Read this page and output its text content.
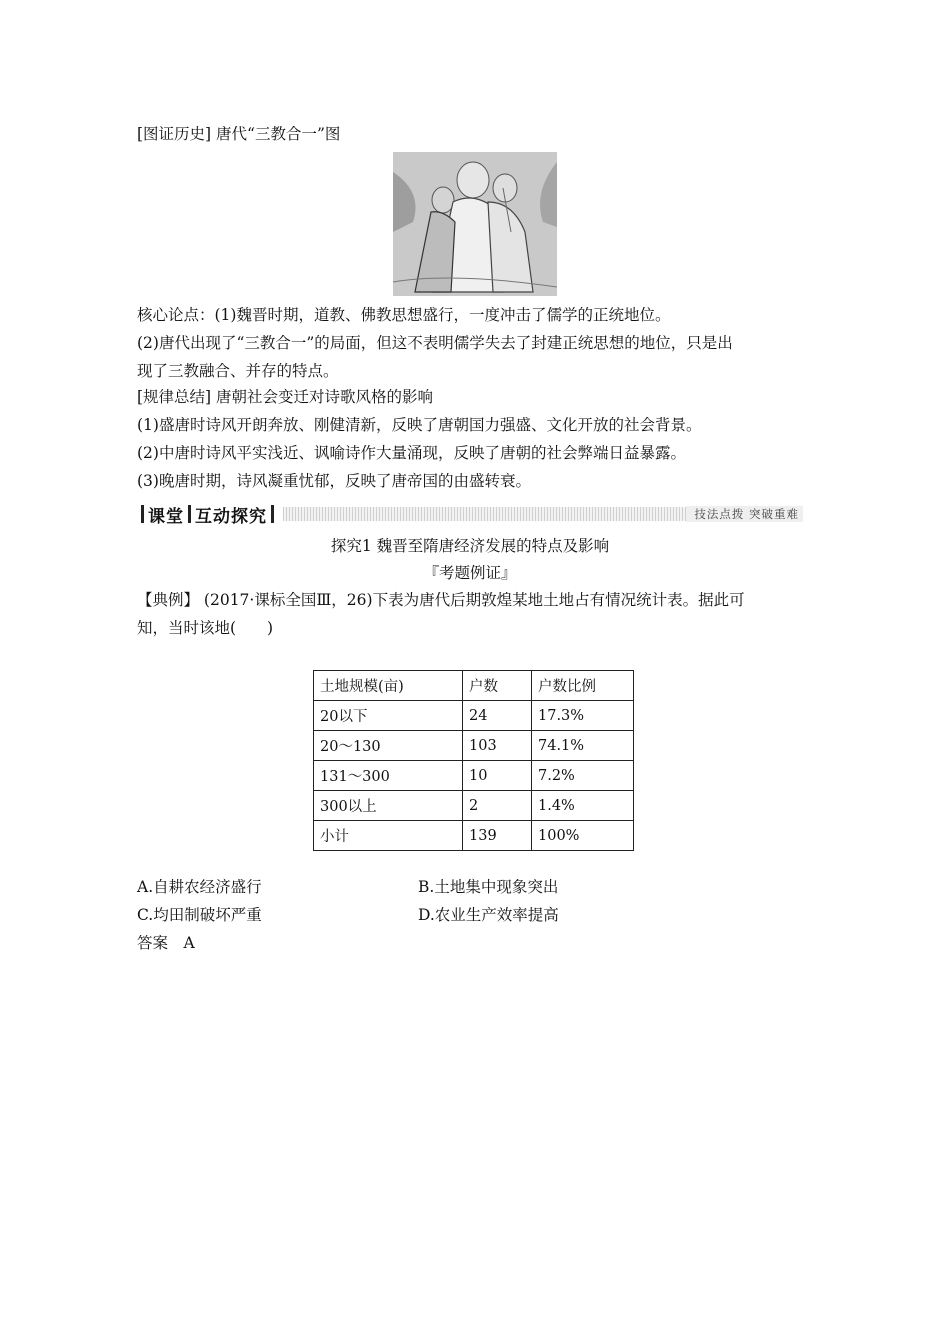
[图证历史] 唐代“三教合一”图
核心论点：(1)魏晋时期，道教、佛教思想盛行，一度冲击了儒学的正统地位。
(2)唐代出现了“三教合一”的局面，但这不表明儒学失去了封建正统思想的地位，只是出
现了三教融合、并存的特点。
[规律总结] 唐朝社会变迁对诗歌风格的影响
(1)盛唐时诗风开朗奔放、刚健清新，反映了唐朝国力强盛、文化开放的社会背景。
(2)中唐时诗风平实浅近、讽喻诗作大量涌现，反映了唐朝的社会弊端日益暴露。
(3)晚唐时期，诗风凝重忧郁，反映了唐帝国的由盛转衰。
课堂 互动探究	技法点拨 突破重难
探究1 魏晋至隋唐经济发展的特点及影响
『考题例证』
【典例】 (2017·课标全国Ⅲ，26)下表为唐代后期敦煌某地土地占有情况统计表。据此可
知，当时该地(　　)
土地规模(亩)	户数	户数比例
20以下	24	17.3%
20～130	103	74.1%
131～300	10	7.2%
300以上	2	1.4%
小计	139	100%
A.自耕农经济盛行	B.土地集中现象突出
C.均田制破坏严重	D.农业生产效率提高
答案　A
